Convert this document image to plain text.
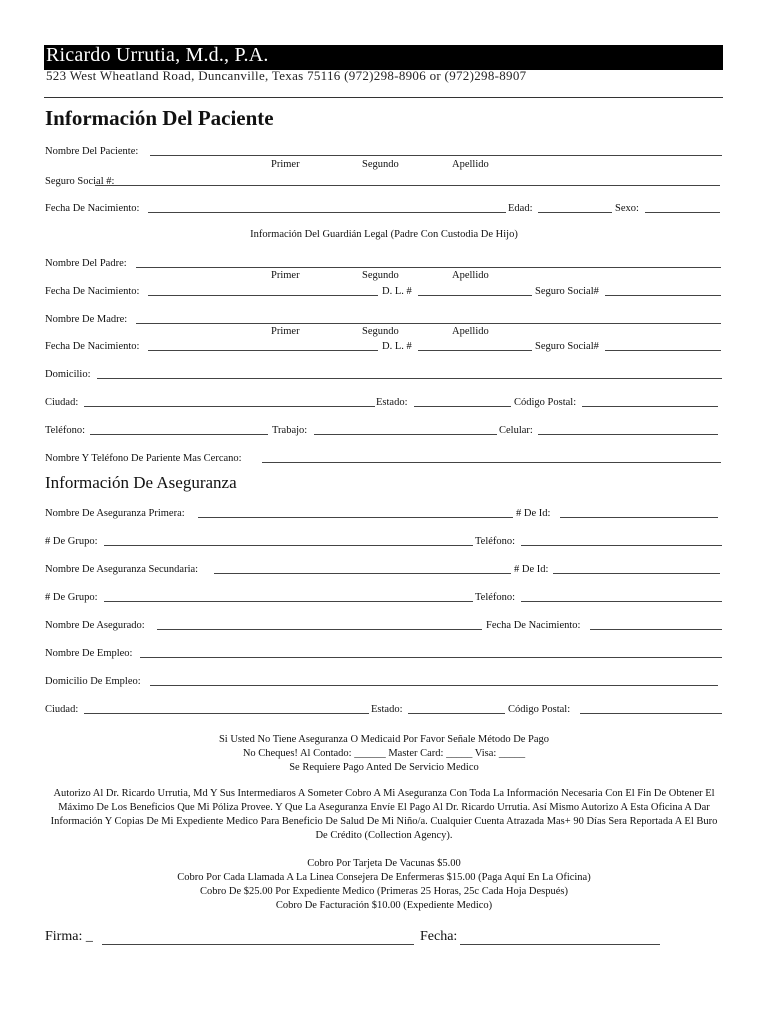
Ricardo Urrutia, M.d., P.A.
523 West Wheatland Road, Duncanville, Texas 75116 (972)298-8906 or (972)298-8907
Información Del Paciente
Nombre Del Paciente:
Primer	Segundo	Apellido
Seguro Social #:
Fecha De Nacimiento:	Edad:	Sexo:
Información Del Guardián Legal (Padre Con Custodia De Hijo)
Nombre Del Padre:
Primer	Segundo	Apellido
Fecha De Nacimiento:	D. L. #	Seguro Social#
Nombre De Madre:
Primer	Segundo	Apellido
Fecha De Nacimiento:	D. L. #	Seguro Social#
Domicilio:
Ciudad:	Estado:	Código Postal:
Teléfono:	Trabajo:	Celular:
Nombre Y Teléfono De Pariente Mas Cercano:
Información De Aseguranza
Nombre De Aseguranza Primera:	# De Id:
# De Grupo:	Teléfono:
Nombre De Aseguranza Secundaria:	# De Id:
# De Grupo:	Teléfono:
Nombre De Asegurado:	Fecha De Nacimiento:
Nombre De Empleo:
Domicilio De Empleo:
Ciudad:	Estado:	Código Postal:
Si Usted No Tiene Aseguranza O Medicaid Por Favor Señale Método De Pago
No Cheques! Al Contado: ______ Master Card: _____ Visa: _____
Se Requiere Pago Anted De Servicio Medico
Autorizo Al Dr. Ricardo Urrutia, Md Y Sus Intermediaros A Someter Cobro A Mi Aseguranza Con Toda La Información Necesaria Con El Fin De Obtener El Máximo De Los Beneficios Que Mi Póliza Provee. Y Que La Aseguranza Envíe El Pago Al Dr. Ricardo Urrutia. Así Mismo Autorizo A Esta Oficina A Dar Información Y Copias De Mi Expediente Medico Para Beneficio De Salud De Mi Niño/a. Cualquier Cuenta Atrazada Mas+ 90 Días Sera Reportada A El Buro De Crédito (Collection Agency).
Cobro Por Tarjeta De Vacunas $5.00
Cobro Por Cada Llamada A La Linea Consejera De Enfermeras $15.00 (Paga Aquí En La Oficina)
Cobro De $25.00 Por Expediente Medico (Primeras 25 Horas, 25c Cada Hoja Después)
Cobro De Facturación $10.00 (Expediente Medico)
Firma: _	Fecha:
